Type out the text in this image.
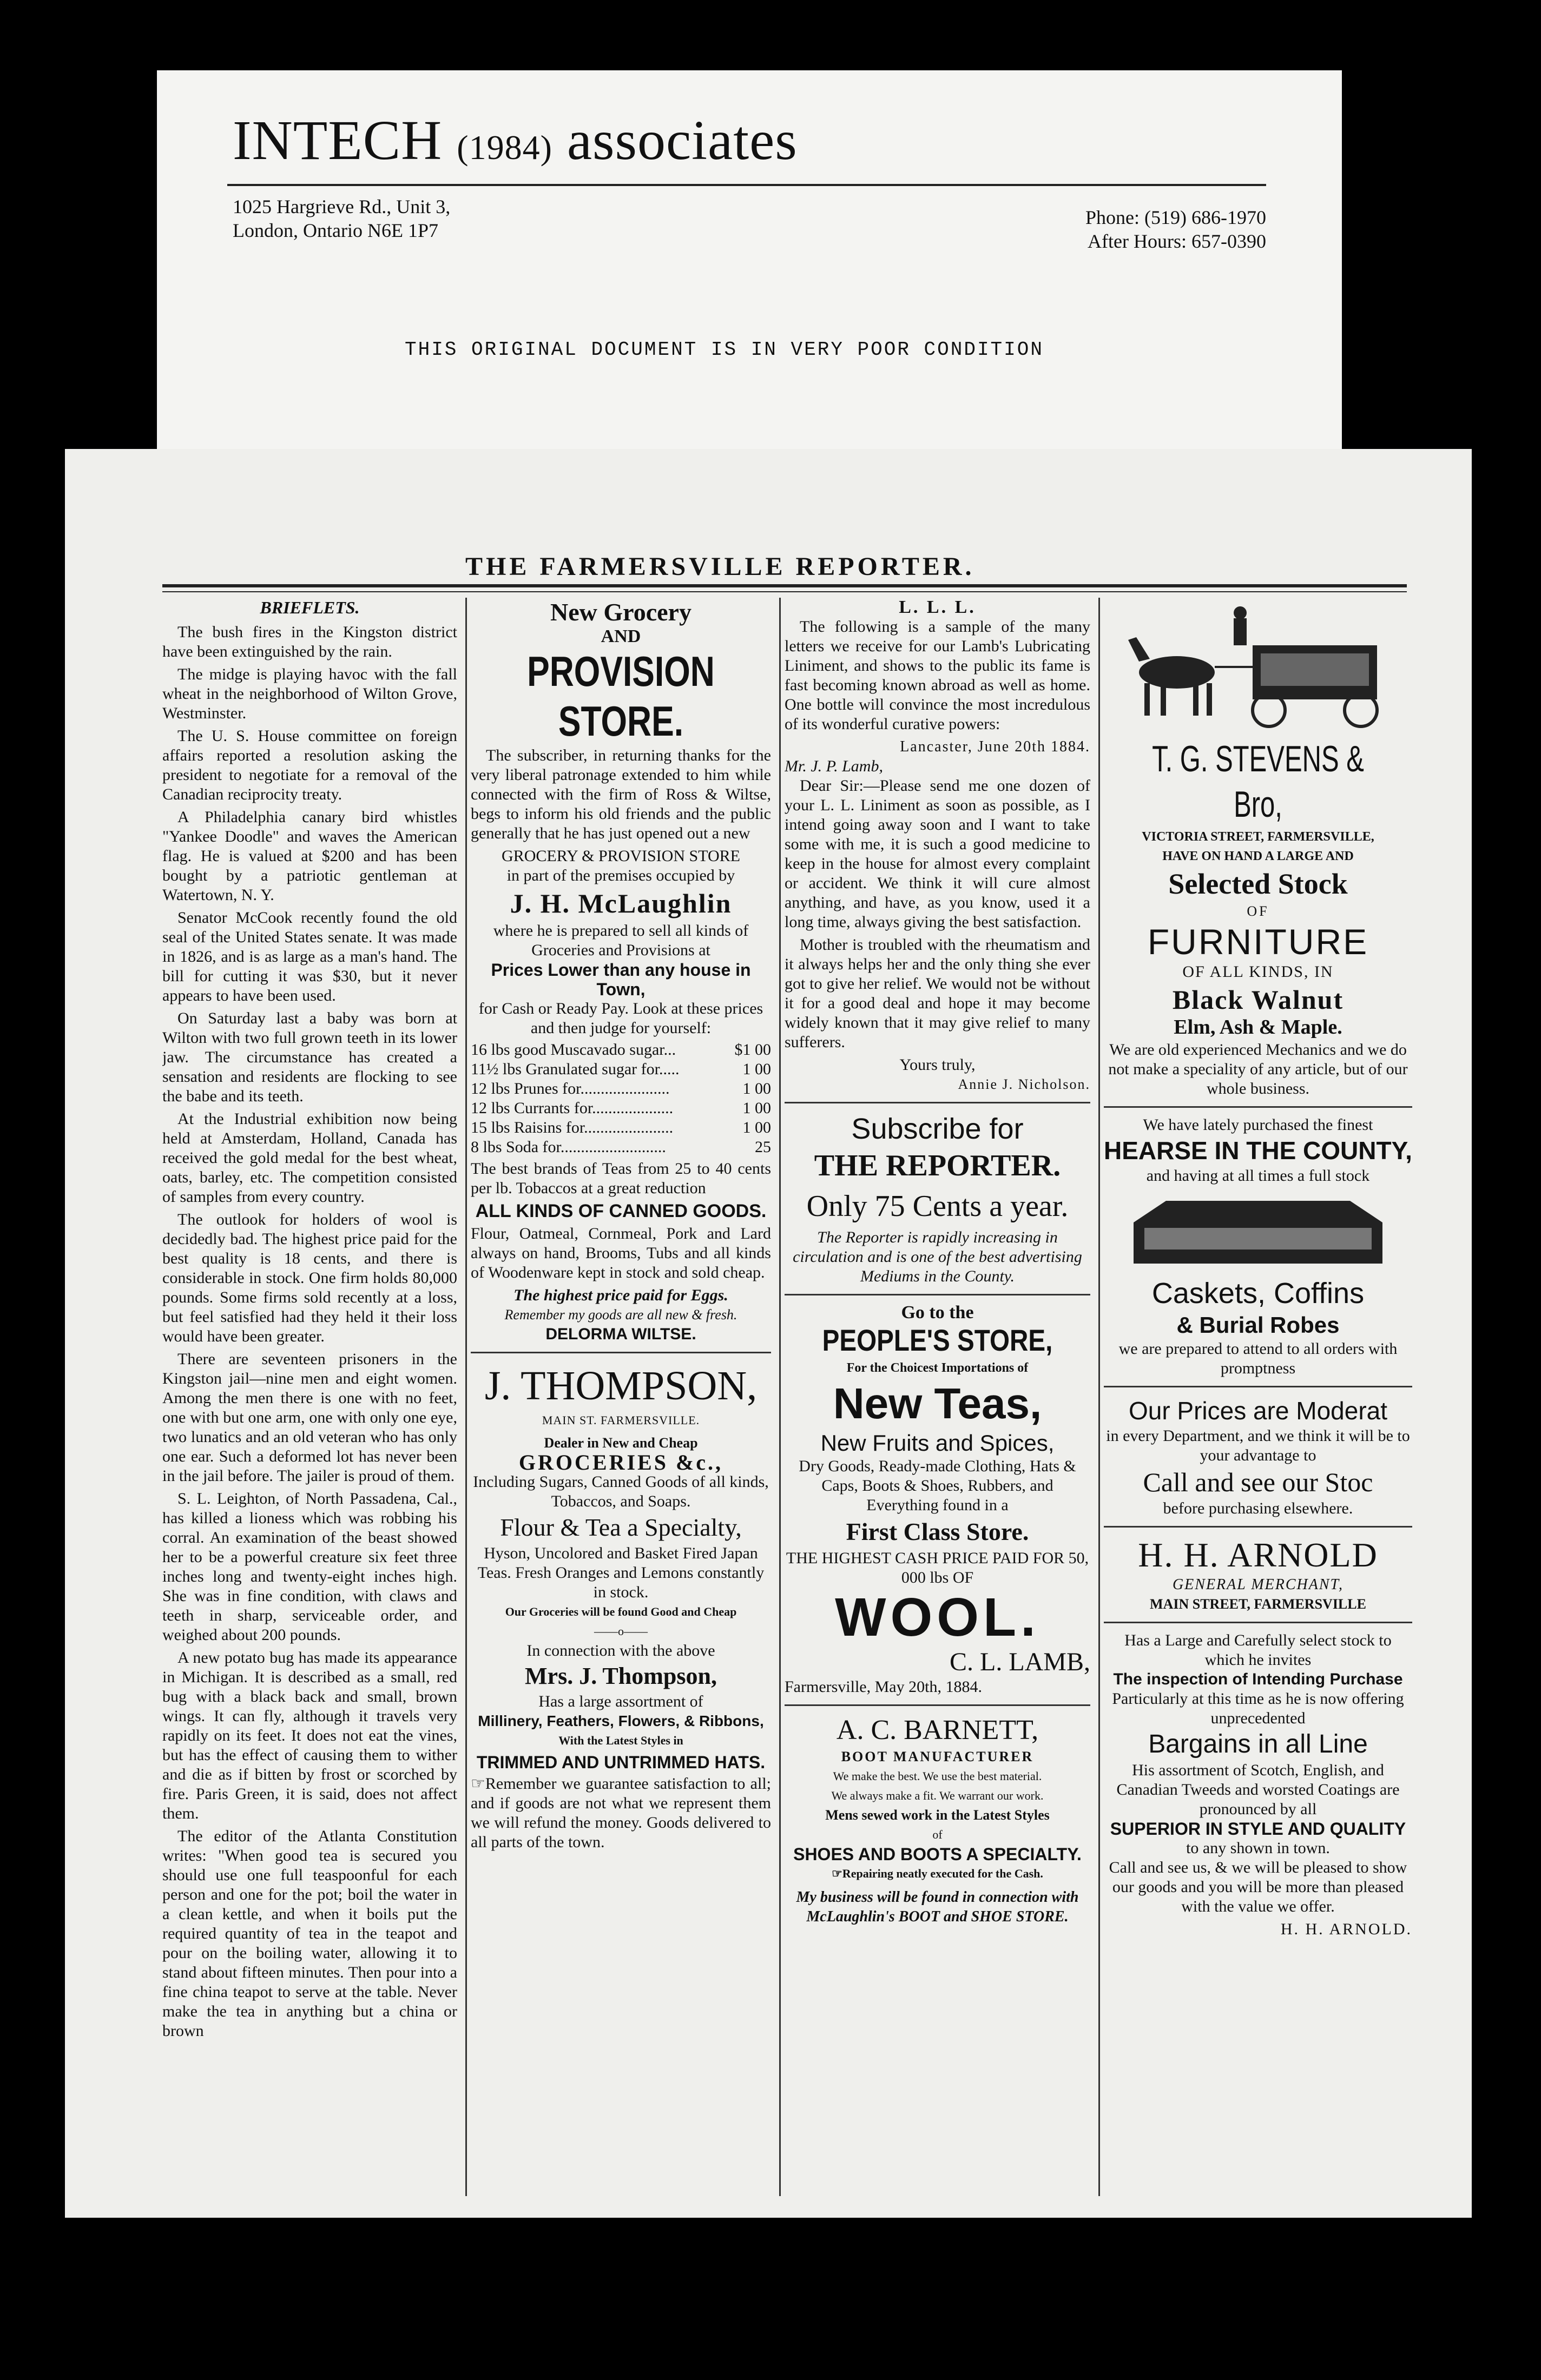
INTECH (1984) associates
1025 Hargrieve Rd., Unit 3,
London, Ontario N6E 1P7
Phone: (519) 686-1970
After Hours: 657-0390
THIS ORIGINAL DOCUMENT IS IN VERY POOR CONDITION
THE FARMERSVILLE REPORTER.
BRIEFLETS.

The bush fires in the Kingston district have been extinguished by the rain.

The midge is playing havoc with the fall wheat in the neighborhood of Wilton Grove, Westminster.

The U. S. House committee on foreign affairs reported a resolution asking the president to negotiate for a removal of the Canadian reciprocity treaty.

A Philadelphia canary bird whistles "Yankee Doodle" and waves the American flag. He is valued at $200 and has been bought by a patriotic gentleman at Watertown, N. Y.

Senator McCook recently found the old seal of the United States senate. It was made in 1826, and is as large as a man's hand. The bill for cutting it was $30, but it never appears to have been used.

On Saturday last a baby was born at Wilton with two full grown teeth in its lower jaw. The circumstance has created a sensation and residents are flocking to see the babe and its teeth.

At the Industrial exhibition now being held at Amsterdam, Holland, Canada has received the gold medal for the best wheat, oats, barley, etc. The competition consisted of samples from every country.

The outlook for holders of wool is decidedly bad. The highest price paid for the best quality is 18 cents, and there is considerable in stock. One firm holds 80,000 pounds. Some firms sold recently at a loss, but feel satisfied had they held it their loss would have been greater.

There are seventeen prisoners in the Kingston jail—nine men and eight women. Among the men there is one with no feet, one with but one arm, one with only one eye, two lunatics and an old veteran who has only one ear. Such a deformed lot has never been in the jail before. The jailer is proud of them.

S. L. Leighton, of North Passadena, Cal., has killed a lioness which was robbing his corral. An examination of the beast showed her to be a powerful creature six feet three inches long and twenty-eight inches high. She was in fine condition, with claws and teeth in sharp, serviceable order, and weighed about 200 pounds.

A new potato bug has made its appearance in Michigan. It is described as a small, red bug with a black back and small, brown wings. It can fly, although it travels very rapidly on its feet. It does not eat the vines, but has the effect of causing them to wither and die as if bitten by frost or scorched by fire. Paris Green, it is said, does not affect them.

The editor of the Atlanta Constitution writes: "When good tea is secured you should use one full teaspoonful for each person and one for the pot; boil the water in a clean kettle, and when it boils put the required quantity of tea in the teapot and pour on the boiling water, allowing it to stand about fifteen minutes. Then pour into a fine china teapot to serve at the table. Never make the tea in anything but a china or brown

New Grocery
AND
PROVISION STORE.

The subscriber, in returning thanks for the very liberal patronage extended to him while connected with the firm of Ross & Wiltse, begs to inform his old friends and the public generally that he has just opened out a new

GROCERY & PROVISION STORE
in part of the premises occupied by
J. H. McLaughlin
where he is prepared to sell all kinds of Groceries and Provisions at
Prices Lower than any house in Town,
for Cash or Ready Pay. Look at these prices and then judge for yourself:
16 lbs good Muscavado sugar...	$1 00
11½ lbs Granulated sugar for.....	1 00
12 lbs Prunes for......................	1 00
12 lbs Currants for....................	1 00
15 lbs Raisins for......................	1 00
8 lbs Soda for..........................	25
The best brands of Teas from 25 to 40 cents per lb. Tobaccos at a great reduction
ALL KINDS OF CANNED GOODS.
Flour, Oatmeal, Cornmeal, Pork and Lard always on hand, Brooms, Tubs and all kinds of Woodenware kept in stock and sold cheap.
The highest price paid for Eggs.
Remember my goods are all new & fresh.
DELORMA WILTSE.
J. THOMPSON,
MAIN ST. FARMERSVILLE.
Dealer in New and Cheap
GROCERIES &c.,
Including Sugars, Canned Goods of all kinds, Tobaccos, and Soaps.
Flour & Tea a Specialty,
Hyson, Uncolored and Basket Fired Japan Teas. Fresh Oranges and Lemons constantly in stock.
Our Groceries will be found Good and Cheap
——o——
In connection with the above
Mrs. J. Thompson,
Has a large assortment of
Millinery, Feathers, Flowers, & Ribbons,
With the Latest Styles in
TRIMMED AND UNTRIMMED HATS.
☞Remember we guarantee satisfaction to all; and if goods are not what we represent them we will refund the money. Goods delivered to all parts of the town.
L. L. L.

The following is a sample of the many letters we receive for our Lamb's Lubricating Liniment, and shows to the public its fame is fast becoming known abroad as well as home. One bottle will convince the most incredulous of its wonderful curative powers:

Lancaster, June 20th 1884.
Mr. J. P. Lamb,

Dear Sir:—Please send me one dozen of your L. L. Liniment as soon as possible, as I intend going away soon and I want to take some with me, it is such a good medicine to keep in the house for almost every complaint or accident. We think it will cure almost anything, and have, as you know, used it a long time, always giving the best satisfaction.

Mother is troubled with the rheumatism and it always helps her and the only thing she ever got to give her relief. We would not be without it for a good deal and hope it may become widely known that it may give relief to many sufferers.

Yours truly,
Annie J. Nicholson.
Subscribe for
THE REPORTER.
Only 75 Cents a year.
The Reporter is rapidly increasing in circulation and is one of the best advertising Mediums in the County.
Go to the
PEOPLE'S STORE,
For the Choicest Importations of
New Teas,
New Fruits and Spices,
Dry Goods, Ready-made Clothing, Hats & Caps, Boots & Shoes, Rubbers, and Everything found in a
First Class Store.
THE HIGHEST CASH PRICE PAID FOR 50, 000 lbs OF
WOOL.
C. L. LAMB,
Farmersville, May 20th, 1884.
A. C. BARNETT,
BOOT MANUFACTURER
We make the best. We use the best material.
We always make a fit. We warrant our work.
Mens sewed work in the Latest Styles
of
SHOES AND BOOTS A SPECIALTY.
☞Repairing neatly executed for the Cash.
My business will be found in connection with McLaughlin's BOOT and SHOE STORE.
T. G. STEVENS & Bro,
VICTORIA STREET, FARMERSVILLE,
HAVE ON HAND A LARGE AND
Selected Stock
OF
FURNITURE
OF ALL KINDS, IN
Black Walnut
Elm, Ash & Maple.
We are old experienced Mechanics and we do not make a speciality of any article, but of our whole business.
We have lately purchased the finest
HEARSE IN THE COUNTY,
and having at all times a full stock
Caskets, Coffins
& Burial Robes
we are prepared to attend to all orders with promptness
Our Prices are Moderat
in every Department, and we think it will be to your advantage to
Call and see our Stoc
before purchasing elsewhere.
H. H. ARNOLD
GENERAL MERCHANT,
MAIN STREET, FARMERSVILLE
Has a Large and Carefully select stock to which he invites
The inspection of Intending Purchase
Particularly at this time as he is now offering unprecedented
Bargains in all Line
His assortment of Scotch, English, and Canadian Tweeds and worsted Coatings are pronounced by all
SUPERIOR IN STYLE AND QUALITY
to any shown in town.
Call and see us, & we will be pleased to show our goods and you will be more than pleased with the value we offer.
H. H. ARNOLD.
